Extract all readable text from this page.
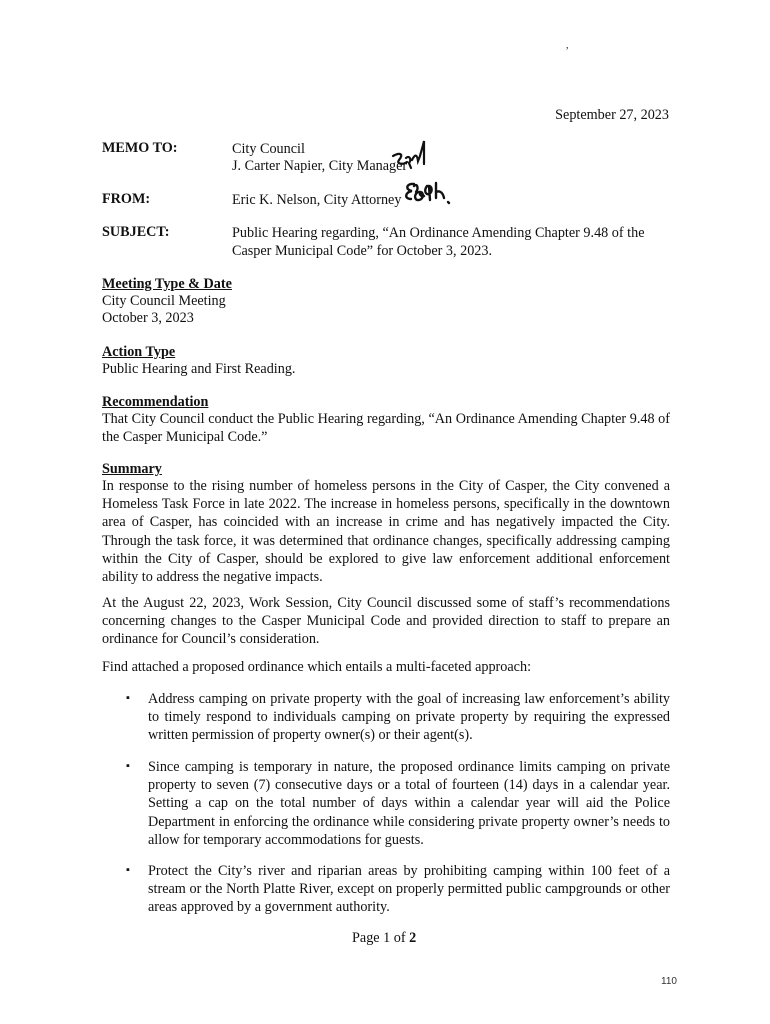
,
September 27, 2023
MEMO TO:	City Council
J. Carter Napier, City Manager
FROM:	Eric K. Nelson, City Attorney
SUBJECT:	Public Hearing regarding, “An Ordinance Amending Chapter 9.48 of the
Casper Municipal Code” for October 3, 2023.
Meeting Type & Date
City Council Meeting
October 3, 2023
Action Type
Public Hearing and First Reading.
Recommendation
That City Council conduct the Public Hearing regarding, “An Ordinance Amending Chapter 9.48 of the Casper Municipal Code.”
Summary
In response to the rising number of homeless persons in the City of Casper, the City convened a Homeless Task Force in late 2022. The increase in homeless persons, specifically in the downtown area of Casper, has coincided with an increase in crime and has negatively impacted the City. Through the task force, it was determined that ordinance changes, specifically addressing camping within the City of Casper, should be explored to give law enforcement additional enforcement ability to address the negative impacts.
At the August 22, 2023, Work Session, City Council discussed some of staff’s recommendations concerning changes to the Casper Municipal Code and provided direction to staff to prepare an ordinance for Council’s consideration.
Find attached a proposed ordinance which entails a multi-faceted approach:
▪ Address camping on private property with the goal of increasing law enforcement’s ability to timely respond to individuals camping on private property by requiring the expressed written permission of property owner(s) or their agent(s).
▪ Since camping is temporary in nature, the proposed ordinance limits camping on private property to seven (7) consecutive days or a total of fourteen (14) days in a calendar year. Setting a cap on the total number of days within a calendar year will aid the Police Department in enforcing the ordinance while considering private property owner’s needs to allow for temporary accommodations for guests.
▪ Protect the City’s river and riparian areas by prohibiting camping within 100 feet of a stream or the North Platte River, except on properly permitted public campgrounds or other areas approved by a government authority.
Page 1 of 2
110
